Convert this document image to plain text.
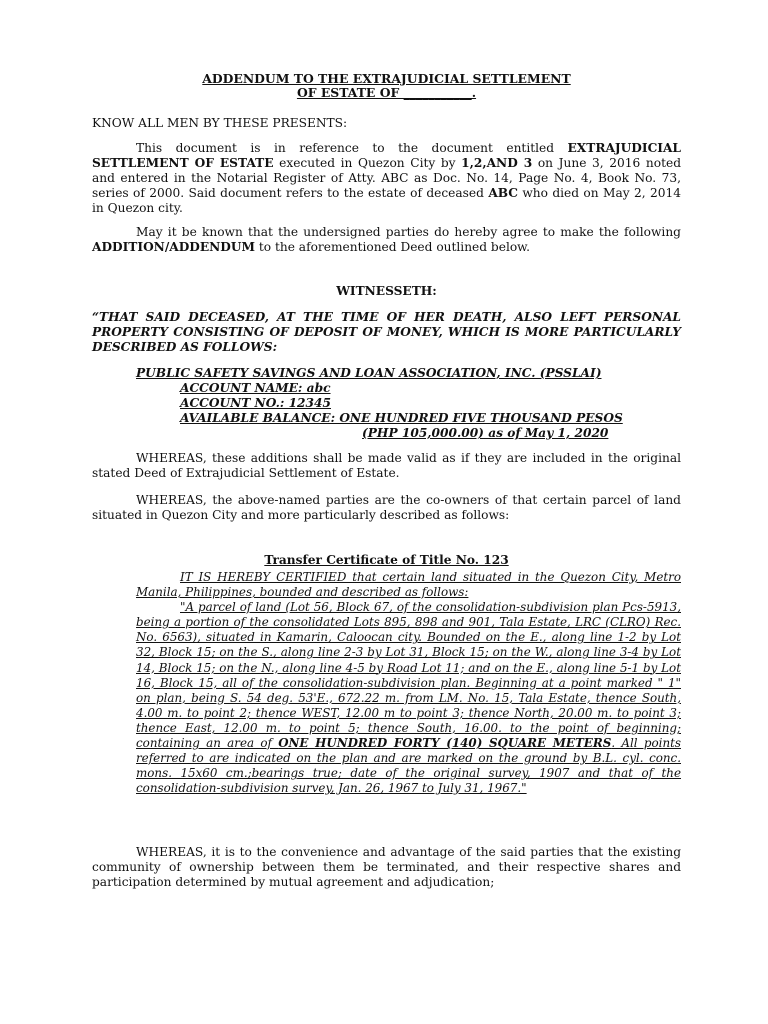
ADDENDUM TO THE EXTRAJUDICIAL SETTLEMENT
OF ESTATE OF ___________.
KNOW ALL MEN BY THESE PRESENTS:
This document is in reference to the document entitled EXTRAJUDICIAL SETTLEMENT OF ESTATE executed in Quezon City by 1,2,AND 3 on June 3, 2016 noted and entered in the Notarial Register of Atty. ABC as Doc. No. 14, Page No. 4, Book No. 73, series of 2000. Said document refers to the estate of deceased ABC who died on May 2, 2014 in Quezon city.
May it be known that the undersigned parties do hereby agree to make the following ADDITION/ADDENDUM to the aforementioned Deed outlined below.
WITNESSETH:
“THAT SAID DECEASED, AT THE TIME OF HER DEATH, ALSO LEFT PERSONAL PROPERTY CONSISTING OF DEPOSIT OF MONEY, WHICH IS MORE PARTICULARLY DESCRIBED AS FOLLOWS:
PUBLIC SAFETY SAVINGS AND LOAN ASSOCIATION, INC. (PSSLAI)
ACCOUNT NAME: abc
ACCOUNT NO.: 12345
AVAILABLE BALANCE: ONE HUNDRED FIVE THOUSAND PESOS
(PHP 105,000.00) as of May 1, 2020
WHEREAS, these additions shall be made valid as if they are included in the original stated Deed of Extrajudicial Settlement of Estate.
WHEREAS, the above-named parties are the co-owners of that certain parcel of land situated in Quezon City and more particularly described as follows:
Transfer Certificate of Title No. 123

IT IS HEREBY CERTIFIED that certain land situated in the Quezon City, Metro Manila, Philippines, bounded and described as follows:

"A parcel of land (Lot 56, Block 67, of the consolidation-subdivision plan Pcs-5913, being a portion of the consolidated Lots 895, 898 and 901, Tala Estate, LRC (CLRO) Rec. No. 6563), situated in Kamarin, Caloocan city. Bounded on the E., along line 1-2 by Lot 32, Block 15; on the S., along line 2-3 by Lot 31, Block 15; on the W., along line 3-4 by Lot 14, Block 15; on the N., along line 4-5 by Road Lot 11; and on the E., along line 5-1 by Lot 16, Block 15, all of the consolidation-subdivision plan. Beginning at a point marked " 1" on plan, being S. 54 deg. 53'E., 672.22 m. from LM. No. 15, Tala Estate, thence South, 4.00 m. to point 2; thence WEST, 12.00 m to point 3; thence North, 20.00 m. to point 3; thence East, 12.00 m. to point 5; thence South, 16.00. to the point of beginning; containing an area of ONE HUNDRED FORTY (140) SQUARE METERS. All points referred to are indicated on the plan and are marked on the ground by B.L. cyl. conc. mons. 15x60 cm.;bearings true; date of the original survey, 1907 and that of the consolidation-subdivision survey, Jan. 26, 1967 to July 31, 1967."

WHEREAS, it is to the convenience and advantage of the said parties that the existing community of ownership between them be terminated, and their respective shares and participation determined by mutual agreement and adjudication;
